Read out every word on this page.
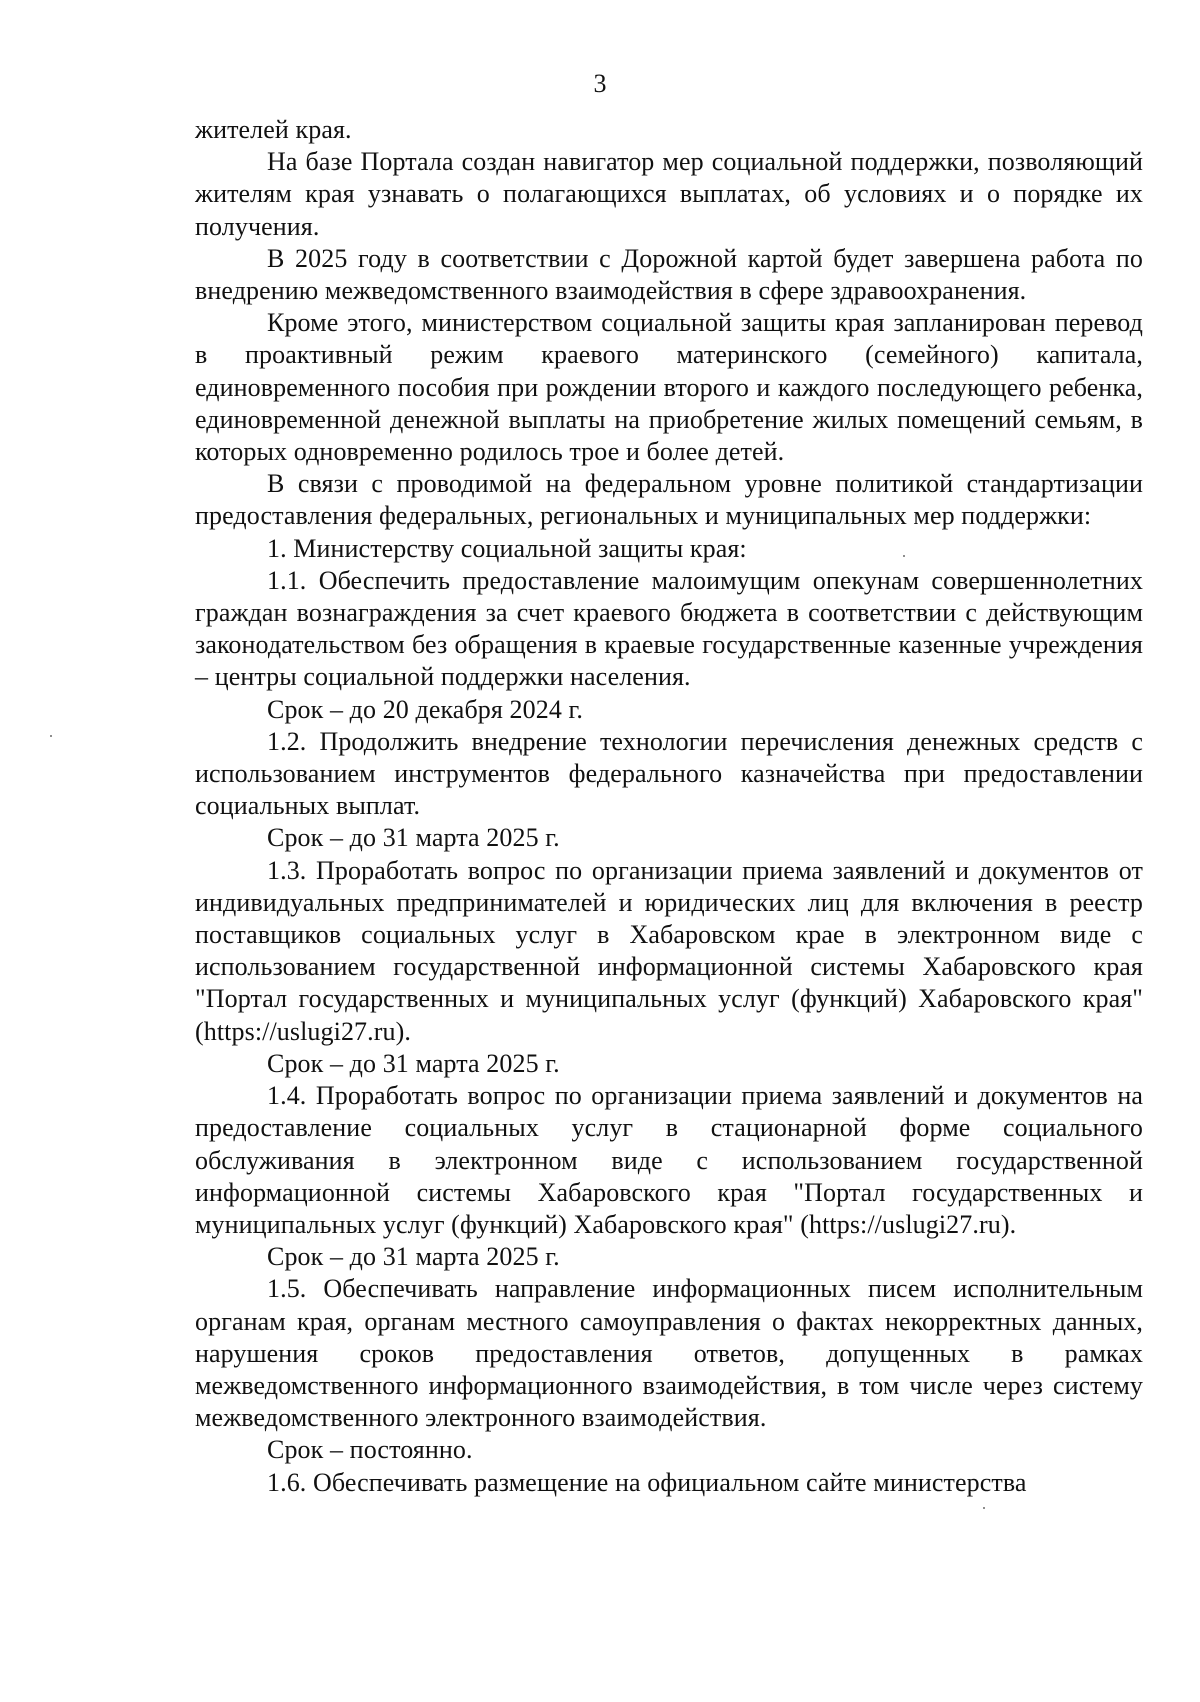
3

жителей края.

На базе Портала создан навигатор мер социальной поддержки, позволяющий жителям края узнавать о полагающихся выплатах, об условиях и о порядке их получения.

В 2025 году в соответствии с Дорожной картой будет завершена работа по внедрению межведомственного взаимодействия в сфере здравоохранения.

Кроме этого, министерством социальной защиты края запланирован перевод в проактивный режим краевого материнского (семейного) капитала, единовременного пособия при рождении второго и каждого последующего ребенка, единовременной денежной выплаты на приобретение жилых помещений семьям, в которых одновременно родилось трое и более детей.

В связи с проводимой на федеральном уровне политикой стандартизации предоставления федеральных, региональных и муниципальных мер поддержки:

1. Министерству социальной защиты края:

1.1. Обеспечить предоставление малоимущим опекунам совершеннолетних граждан вознаграждения за счет краевого бюджета в соответствии с действующим законодательством без обращения в краевые государственные казенные учреждения – центры социальной поддержки населения.

Срок – до 20 декабря 2024 г.

1.2. Продолжить внедрение технологии перечисления денежных средств с использованием инструментов федерального казначейства при предоставлении социальных выплат.

Срок – до 31 марта 2025 г.

1.3. Проработать вопрос по организации приема заявлений и документов от индивидуальных предпринимателей и юридических лиц для включения в реестр поставщиков социальных услуг в Хабаровском крае в электронном виде с использованием государственной информационной системы Хабаровского края "Портал государственных и муниципальных услуг (функций) Хабаровского края" (https://uslugi27.ru).

Срок – до 31 марта 2025 г.

1.4. Проработать вопрос по организации приема заявлений и документов на предоставление социальных услуг в стационарной форме социального обслуживания в электронном виде с использованием государственной информационной системы Хабаровского края "Портал государственных и муниципальных услуг (функций) Хабаровского края" (https://uslugi27.ru).

Срок – до 31 марта 2025 г.

1.5. Обеспечивать направление информационных писем исполнительным органам края, органам местного самоуправления о фактах некорректных данных, нарушения сроков предоставления ответов, допущенных в рамках межведомственного информационного взаимодействия, в том числе через систему межведомственного электронного взаимодействия.

Срок – постоянно.

1.6. Обеспечивать размещение на официальном сайте министерства
